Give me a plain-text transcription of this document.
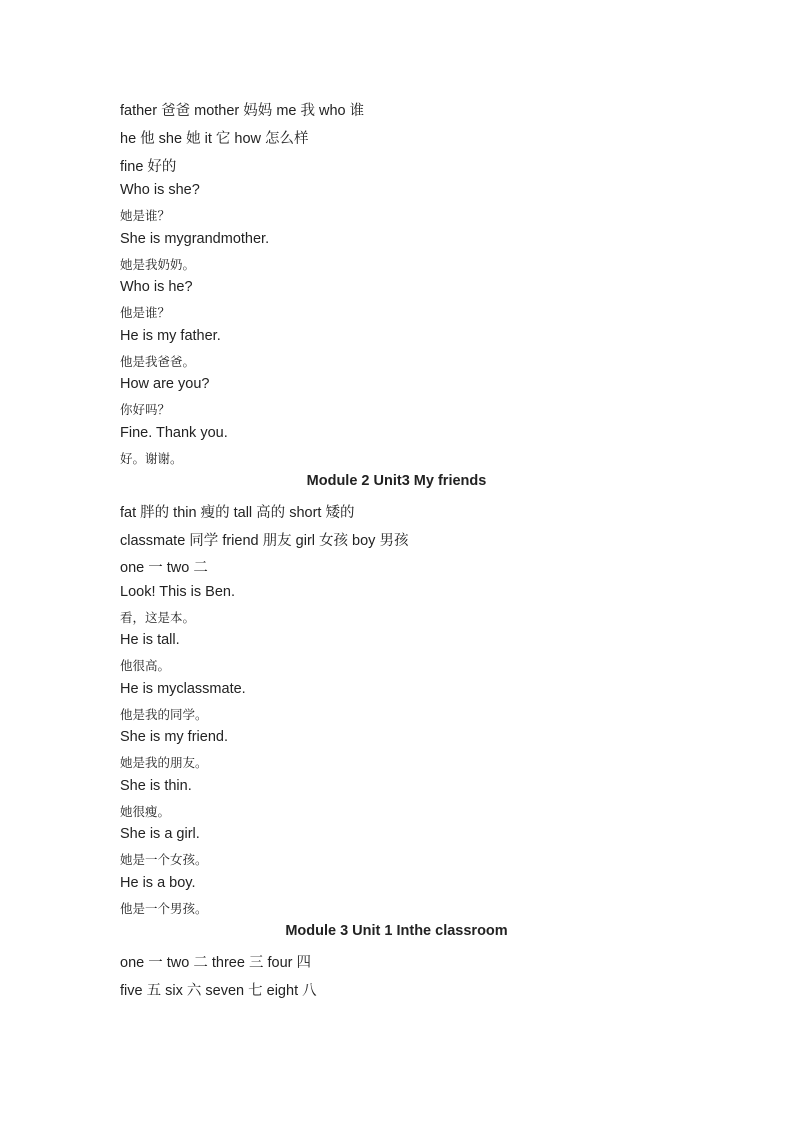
father 爸爸 mother 妈妈 me 我 who 谁
he 他 she 她 it 它 how 怎么样
fine 好的
Who is she?
她是谁？
She is mygrandmother.
她是我奶奶。
Who is he?
他是谁？
He is my father.
他是我爸爸。
How are you?
你好吗？
Fine. Thank you.
好。谢谢。
Module 2 Unit3 My friends
fat 胖的 thin 瘦的 tall 高的 short 矮的
classmate 同学 friend 朋友 girl 女孩 boy 男孩
one 一 two 二
Look! This is Ben.
看，这是本。
He is tall.
他很高。
He is myclassmate.
他是我的同学。
She is my friend.
她是我的朋友。
She is thin.
她很瘦。
She is a girl.
她是一个女孩。
He is a boy.
他是一个男孩。
Module 3 Unit 1 Inthe classroom
one 一 two 二 three 三 four 四
five 五 six 六 seven 七 eight 八
